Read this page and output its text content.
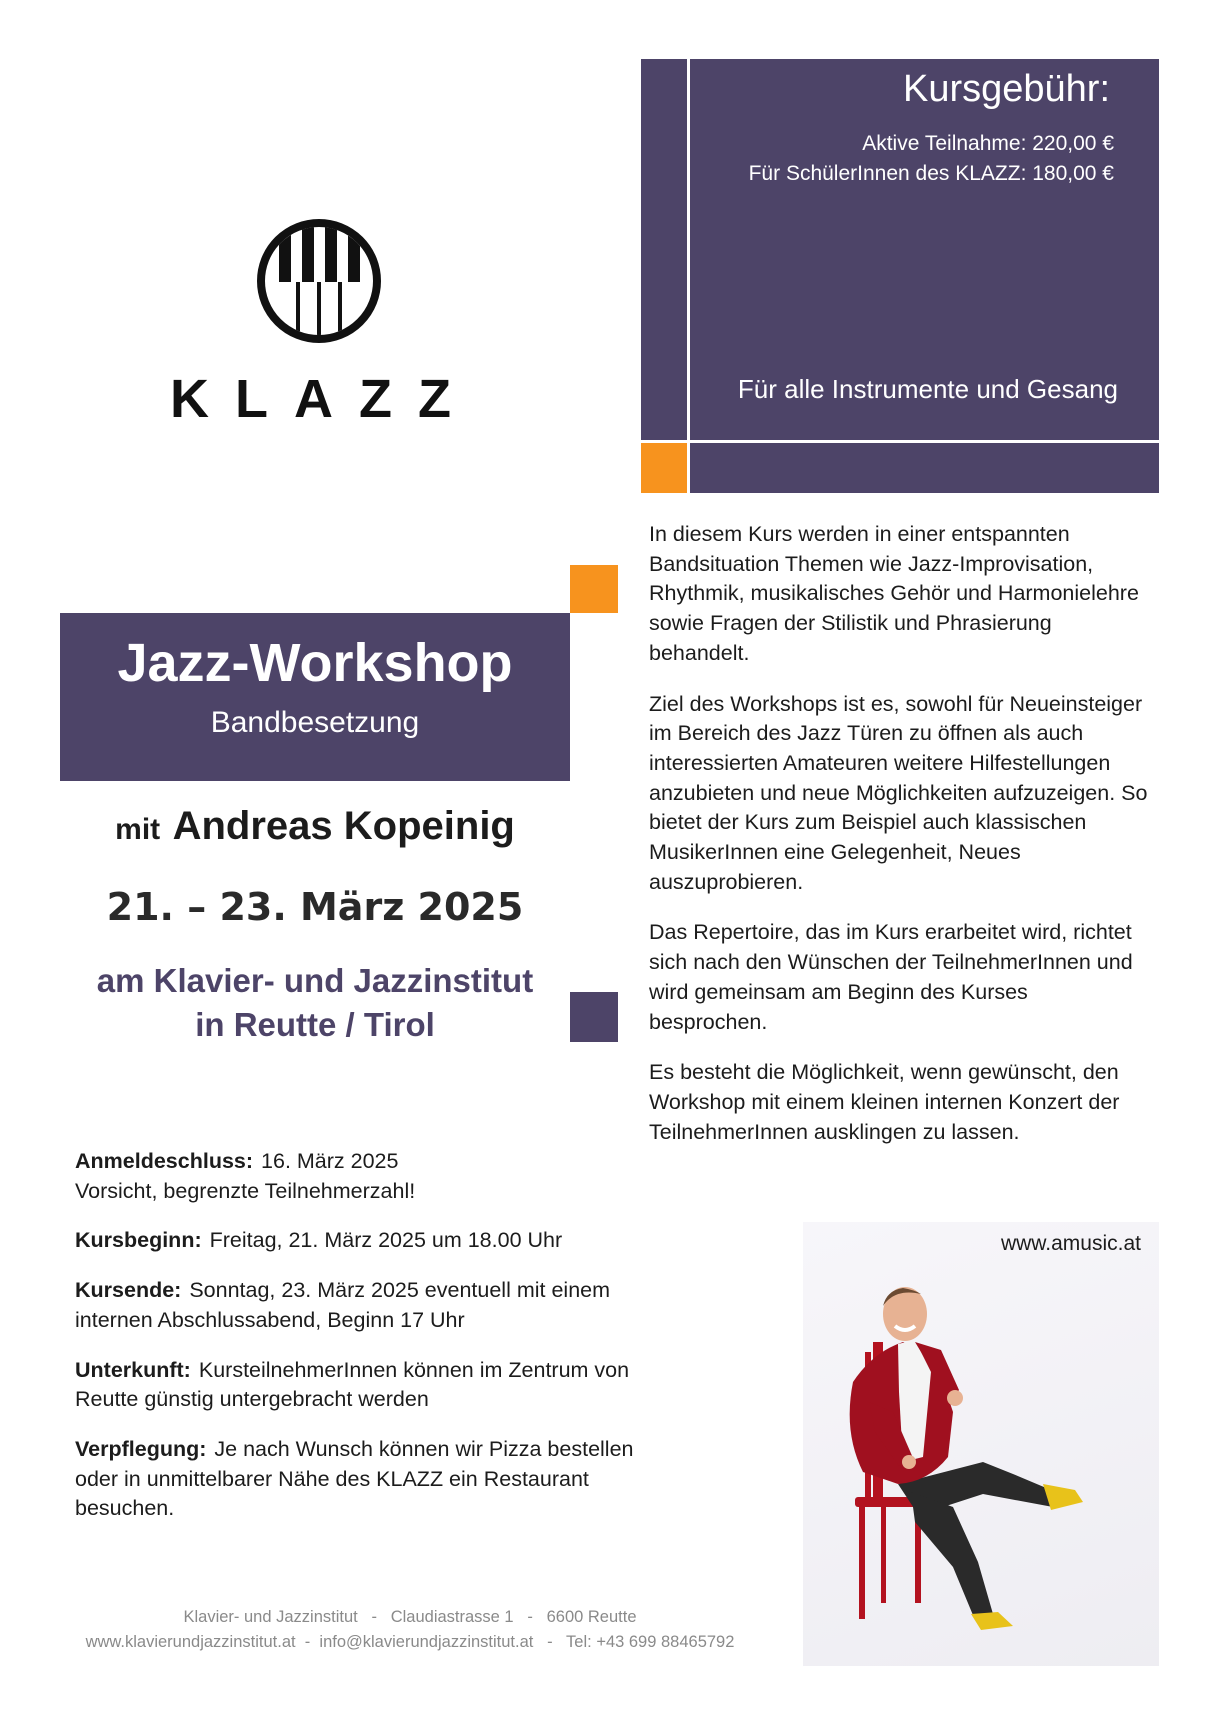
KLAZZ
Kursgebühr:
Aktive Teilnahme: 220,00 €
Für SchülerInnen des KLAZZ: 180,00 €
Für alle Instrumente und Gesang
Jazz-Workshop
Bandbesetzung
mit Andreas Kopeinig
21. – 23. März 2025
am Klavier- und Jazzinstitut
in Reutte / Tirol

In diesem Kurs werden in einer entspannten Bandsituation Themen wie Jazz-Improvisation, Rhythmik, musikalisches Gehör und Harmonielehre sowie Fragen der Stilistik und Phrasierung behandelt.

Ziel des Workshops ist es, sowohl für Neueinsteiger im Bereich des Jazz Türen zu öffnen als auch interessierten Amateuren weitere Hilfestellungen anzubieten und neue Möglichkeiten aufzuzeigen. So bietet der Kurs zum Beispiel auch klassischen MusikerInnen eine Gelegenheit, Neues auszuprobieren.

Das Repertoire, das im Kurs erarbeitet wird, richtet sich nach den Wünschen der TeilnehmerInnen und wird gemeinsam am Beginn des Kurses besprochen.

Es besteht die Möglichkeit, wenn gewünscht, den Workshop mit einem kleinen internen Konzert der TeilnehmerInnen ausklingen zu lassen.

Anmeldeschluss: 16. März 2025
Vorsicht, begrenzte Teilnehmerzahl!

Kursbeginn: Freitag, 21. März 2025 um 18.00 Uhr

Kursende: Sonntag, 23. März 2025 eventuell mit einem internen Abschlussabend, Beginn 17 Uhr

Unterkunft: KursteilnehmerInnen können im Zentrum von Reutte günstig untergebracht werden

Verpflegung: Je nach Wunsch können wir Pizza bestellen oder in unmittelbarer Nähe des KLAZZ ein Restaurant besuchen.

www.amusic.at
Klavier- und Jazzinstitut   -   Claudiastrasse 1   -   6600 Reutte
www.klavierundjazzinstitut.at  -  info@klavierundjazzinstitut.at   -   Tel: +43 699 88465792
